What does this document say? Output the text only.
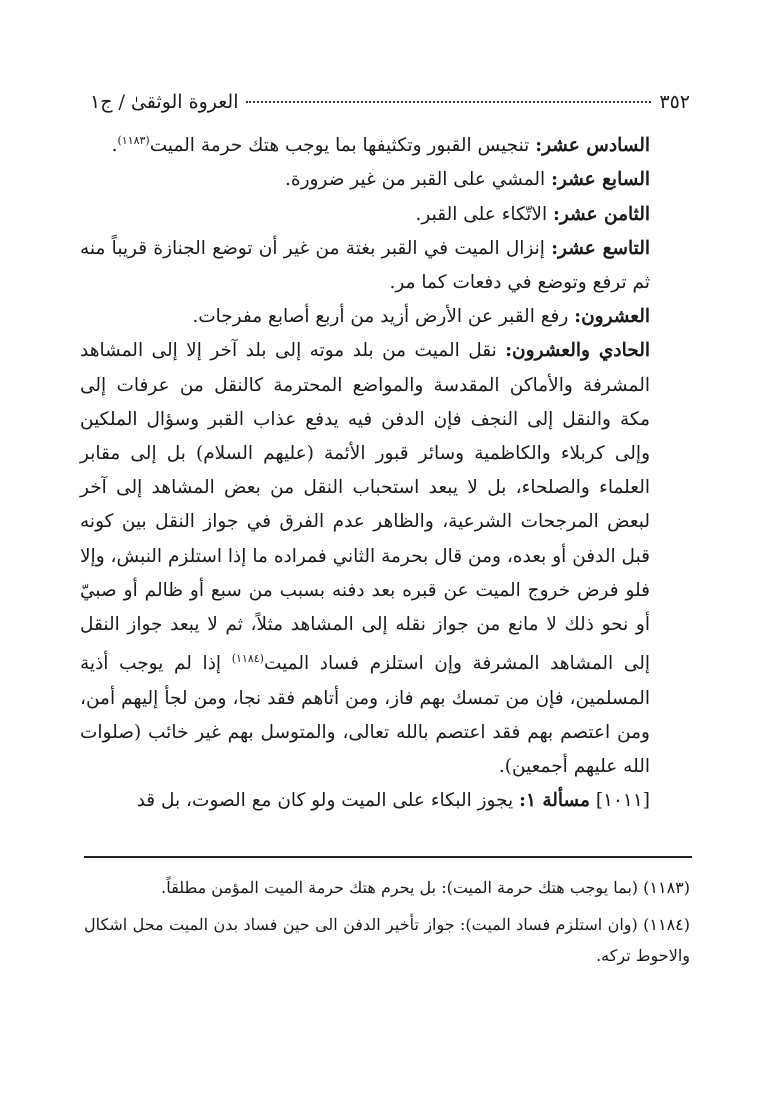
٣٥٢
العروة الوثقىٰ / ج١

السادس عشر: تنجيس القبور وتكثيفها بما يوجب هتك حرمة الميت$^{(١١٨٣)}$.

السابع عشر: المشي على القبر من غير ضرورة.

الثامن عشر: الاتّكاء على القبر.

التاسع عشر: إنزال الميت في القبر بغتة من غير أن توضع الجنازة قريباً منه ثم ترفع وتوضع في دفعات كما مر.

العشرون: رفع القبر عن الأرض أزيد من أربع أصابع مفرجات.

الحادي والعشرون: نقل الميت من بلد موته إلى بلد آخر إلا إلى المشاهد المشرفة والأماكن المقدسة والمواضع المحترمة كالنقل من عرفات إلى مكة والنقل إلى النجف فإن الدفن فيه يدفع عذاب القبر وسؤال الملكين وإلى كربلاء والكاظمية وسائر قبور الأئمة (عليهم السلام) بل إلى مقابر العلماء والصلحاء، بل لا يبعد استحباب النقل من بعض المشاهد إلى آخر لبعض المرجحات الشرعية، والظاهر عدم الفرق في جواز النقل بين كونه قبل الدفن أو بعده، ومن قال بحرمة الثاني فمراده ما إذا استلزم النبش، وإلا فلو فرض خروج الميت عن قبره بعد دفنه بسبب من سبع أو ظالم أو صبيّ أو نحو ذلك لا مانع من جواز نقله إلى المشاهد مثلاً، ثم لا يبعد جواز النقل إلى المشاهد المشرفة وإن استلزم فساد الميت$^{(١١٨٤)}$ إذا لم يوجب أذية المسلمين، فإن من تمسك بهم فاز، ومن أتاهم فقد نجا، ومن لجأ إليهم أمن، ومن اعتصم بهم فقد اعتصم بالله تعالى، والمتوسل بهم غير خائب (صلوات الله عليهم أجمعين).

[١٠١١] مسألة ١: يجوز البكاء على الميت ولو كان مع الصوت، بل قد

(١١٨٣) (بما يوجب هتك حرمة الميت): بل يحرم هتك حرمة الميت المؤمن مطلقاً.

(١١٨٤) (وان استلزم فساد الميت): جواز تأخير الدفن الى حين فساد بدن الميت محل اشكال والاحوط تركه.
